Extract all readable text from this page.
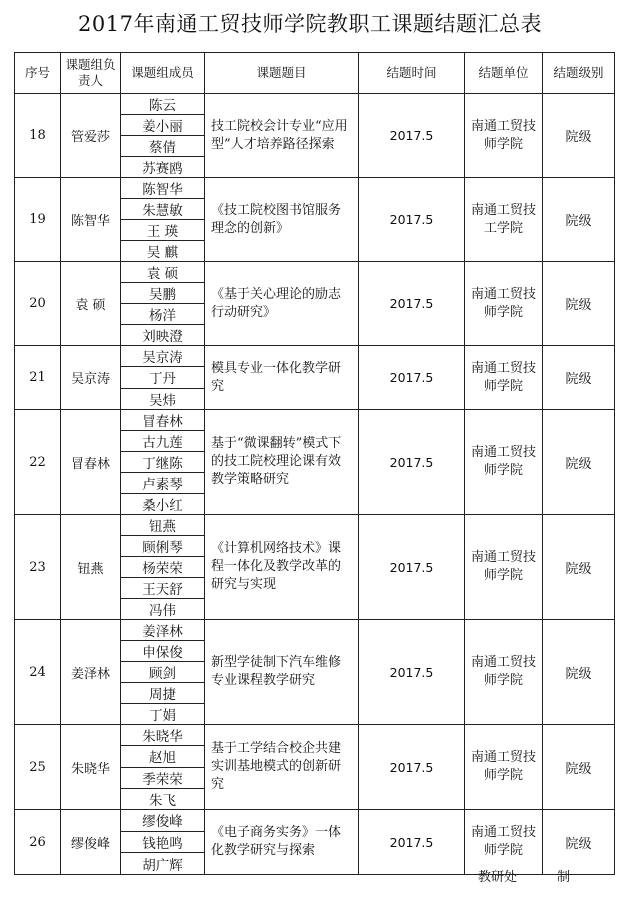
2017年南通工贸技师学院教职工课题结题汇总表
序号	课题组负责人	课题组成员	课题题目	结题时间	结题单位	结题级别
18	管爱莎	陈云
姜小丽
蔡倩
苏赛鸥	技工院校会计专业“应用型”人才培养路径探索	2017.5	南通工贸技师学院	院级
19	陈智华	陈智华
朱慧敏
王 瑛
吴 麒	《技工院校图书馆服务理念的创新》	2017.5	南通工贸技工学院	院级
20	袁 硕	袁 硕
吴鹏
杨洋
刘映澄	《基于关心理论的励志行动研究》	2017.5	南通工贸技师学院	院级
21	吴京涛	吴京涛
丁丹
吴炜	模具专业一体化教学研究	2017.5	南通工贸技师学院	院级
22	冒春林	冒春林
古九莲
丁继陈
卢素琴
桑小红	基于“微课翻转”模式下的技工院校理论课有效教学策略研究	2017.5	南通工贸技师学院	院级
23	钮燕	钮燕
顾俐琴
杨荣荣
王天舒
冯伟	《计算机网络技术》课程一体化及教学改革的研究与实现	2017.5	南通工贸技师学院	院级
24	姜泽林	姜泽林
申保俊
顾剑
周捷
丁娟	新型学徒制下汽车维修专业课程教学研究	2017.5	南通工贸技师学院	院级
25	朱晓华	朱晓华
赵旭
季荣荣
朱飞	基于工学结合校企共建实训基地模式的创新研究	2017.5	南通工贸技师学院	院级
26	缪俊峰	缪俊峰
钱艳鸣
胡广辉	《电子商务实务》一体化教学研究与探索	2017.5	南通工贸技师学院	院级
教研处	制
